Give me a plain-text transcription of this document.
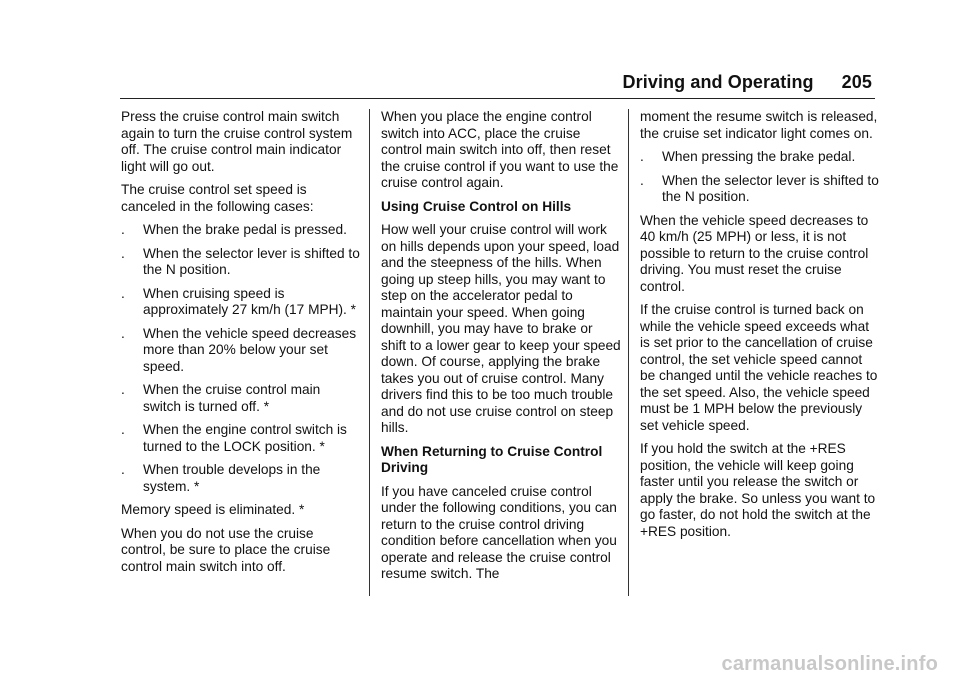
Driving and Operating 205

Press the cruise control main switch again to turn the cruise control system off. The cruise control main indicator light will go out.

The cruise control set speed is canceled in the following cases:

.	When the brake pedal is pressed.
.	When the selector lever is shifted to the N position.
.	When cruising speed is approximately 27 km/h (17 MPH). *
.	When the vehicle speed decreases more than 20% below your set speed.
.	When the cruise control main switch is turned off. *
.	When the engine control switch is turned to the LOCK position. *
.	When trouble develops in the system. *

Memory speed is eliminated. *

When you do not use the cruise control, be sure to place the cruise control main switch into off.

When you place the engine control switch into ACC, place the cruise control main switch into off, then reset the cruise control if you want to use the cruise control again.

Using Cruise Control on Hills

How well your cruise control will work on hills depends upon your speed, load and the steepness of the hills. When going up steep hills, you may want to step on the accelerator pedal to maintain your speed. When going downhill, you may have to brake or shift to a lower gear to keep your speed down. Of course, applying the brake takes you out of cruise control. Many drivers find this to be too much trouble and do not use cruise control on steep hills.

When Returning to Cruise Control Driving

If you have canceled cruise control under the following conditions, you can return to the cruise control driving condition before cancellation when you operate and release the cruise control resume switch. The

moment the resume switch is released, the cruise set indicator light comes on.

.	When pressing the brake pedal.
.	When the selector lever is shifted to the N position.

When the vehicle speed decreases to 40 km/h (25 MPH) or less, it is not possible to return to the cruise control driving. You must reset the cruise control.

If the cruise control is turned back on while the vehicle speed exceeds what is set prior to the cancellation of cruise control, the set vehicle speed cannot be changed until the vehicle reaches to the set speed. Also, the vehicle speed must be 1 MPH below the previously set vehicle speed.

If you hold the switch at the +RES position, the vehicle will keep going faster until you release the switch or apply the brake. So unless you want to go faster, do not hold the switch at the +RES position.

carmanualsonline.info
